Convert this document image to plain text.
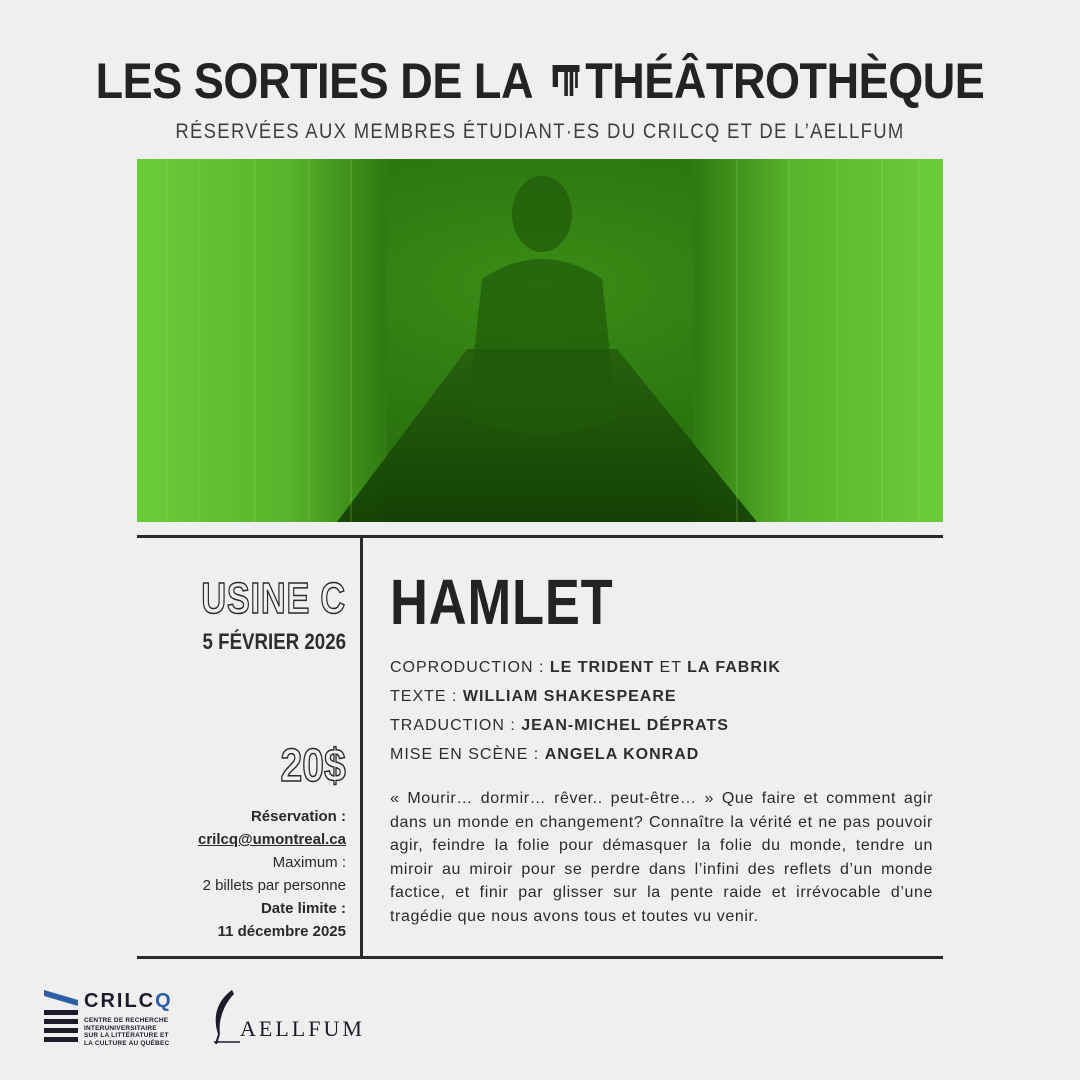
LES SORTIES DE LA THÉÂTROTHÈQUE
RÉSERVÉES AUX MEMBRES ÉTUDIANT·ES DU CRILCQ ET DE L’AELLFUM
USINE C
5 FÉVRIER 2026
20$
Réservation :
crilcq@umontreal.ca
Maximum :
2 billets par personne
Date limite :
11 décembre 2025
HAMLET
COPRODUCTION : LE TRIDENT ET LA FABRIK
TEXTE : WILLIAM SHAKESPEARE
TRADUCTION : JEAN-MICHEL DÉPRATS
MISE EN SCÈNE : ANGELA KONRAD

« Mourir… dormir… rêver.. peut-être… » Que faire et comment agir dans un monde en changement? Connaître la vérité et ne pas pouvoir agir, feindre la folie pour démasquer la folie du monde, tendre un miroir au miroir pour se perdre dans l’infini des reflets d’un monde factice, et finir par glisser sur la pente raide et irrévocable d’une tragédie que nous avons tous et toutes vu venir.

CRILCQ
CENTRE DE RECHERCHE
INTERUNIVERSITAIRE
SUR LA LITTÉRATURE ET
LA CULTURE AU QUÉBEC
AELLFUM
